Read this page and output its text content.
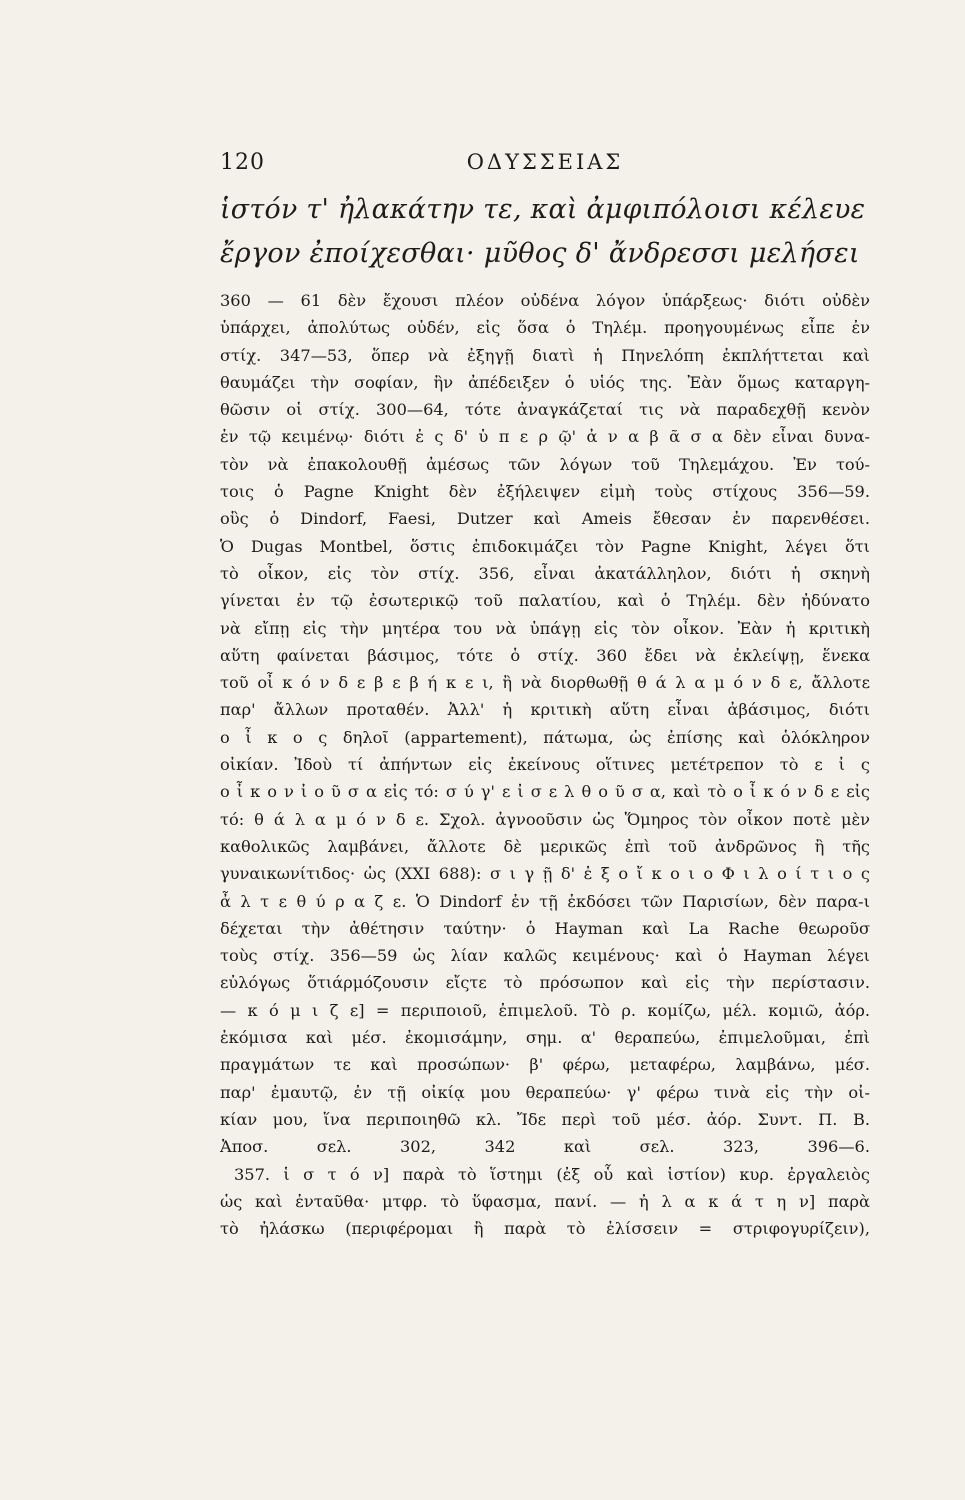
120	ΟΔΥΣΣΕΙΑΣ
ἱστόν τ' ἠλακάτην τε, καὶ ἀμφιπόλοισι κέλευε
ἔργον ἐποίχεσθαι· μῦθος δ' ἄνδρεσσι μελήσει
360 — 61 δὲν ἔχουσι πλέον οὐδένα λόγον ὑπάρξεως· διότι οὐδὲν
ὑπάρχει, ἀπολύτως οὐδέν, εἰς ὅσα ὁ Τηλέμ. προηγουμένως εἶπε ἐν
στίχ. 347—53, ὅπερ νὰ ἐξηγῇ διατὶ ἡ Πηνελόπη ἐκπλήττεται καὶ
θαυμάζει τὴν σοφίαν, ἣν ἀπέδειξεν ὁ υἱός της. Ἐὰν ὅμως καταργη-
θῶσιν οἱ στίχ. 300—64, τότε ἀναγκάζεταί τις νὰ παραδεχθῇ κενὸν
ἐν τῷ κειμένῳ· διότι ἐ ς δ' ὑ π ε ρ ῷ' ἀ ν α β ᾶ σ α δὲν εἶναι δυνα-
τὸν νὰ ἐπακολουθῇ ἀμέσως τῶν λόγων τοῦ Τηλεμάχου. Ἐν τού-
τοις ὁ Pagne Knight δὲν ἐξήλειψεν εἰμὴ τοὺς στίχους 356—59.
οὓς ὁ Dindorf, Faesi, Dutzer καὶ Ameis ἔθεσαν ἐν παρενθέσει.
Ὁ Dugas Montbel, ὅστις ἐπιδοκιμάζει τὸν Pagne Knight, λέγει ὅτι
τὸ οἶκον, εἰς τὸν στίχ. 356, εἶναι ἀκατάλληλον, διότι ἡ σκηνὴ
γίνεται ἐν τῷ ἐσωτερικῷ τοῦ παλατίου, καὶ ὁ Τηλέμ. δὲν ἠδύνατο
νὰ εἴπῃ εἰς τὴν μητέρα του νὰ ὑπάγῃ εἰς τὸν οἶκον. Ἐὰν ἡ κριτικὴ
αὕτη φαίνεται βάσιμος, τότε ὁ στίχ. 360 ἔδει νὰ ἐκλείψῃ, ἕνεκα
τοῦ οἶ κ ό ν δ ε β ε β ή κ ε ι, ἢ νὰ διορθωθῇ θ ά λ α μ ό ν δ ε, ἄλλοτε
παρ' ἄλλων προταθέν. Ἀλλ' ἡ κριτικὴ αὕτη εἶναι ἀβάσιμος, διότι
ο ἶ κ ο ς δηλοῖ (appartement), πάτωμα, ὡς ἐπίσης καὶ ὁλόκληρον
οἰκίαν. Ἰδοὺ τί ἀπήντων εἰς ἐκείνους οἵτινες μετέτρεπον τὸ ε ἰ ς
ο ἶ κ ο ν ἰ ο ῦ σ α εἰς τό: σ ύ γ' ε ἰ σ ε λ θ ο ῦ σ α, καὶ τὸ ο ἶ κ ό ν δ ε εἰς
τό: θ ά λ α μ ό ν δ ε. Σχολ. ἀγνοοῦσιν ὡς Ὅμηρος τὸν οἶκον ποτὲ μὲν
καθολικῶς λαμβάνει, ἄλλοτε δὲ μερικῶς ἐπὶ τοῦ ἀνδρῶνος ἢ τῆς
γυναικωνίτιδος· ὡς (XXI 688): σ ι γ ῇ δ' ἐ ξ ο ἴ κ ο ι ο Φ ι λ ο ί τ ι ο ς
ἆ λ τ ε θ ύ ρ α ζ ε. Ὁ Dindorf ἐν τῇ ἐκδόσει τῶν Παρισίων, δὲν παρα-ι
δέχεται τὴν ἀθέτησιν ταύτην· ὁ Hayman καὶ La Rache θεωροῦσ
τοὺς στίχ. 356—59 ὡς λίαν καλῶς κειμένους· καὶ ὁ Hayman λέγει
εὐλόγως ὅτιάρμόζουσιν εἴςτε τὸ πρόσωπον καὶ εἰς τὴν περίστασιν.
— κ ό μ ι ζ ε] = περιποιοῦ, ἐπιμελοῦ. Τὸ ρ. κομίζω, μέλ. κομιῶ, ἀόρ.
ἐκόμισα καὶ μέσ. ἐκομισάμην, σημ. α' θεραπεύω, ἐπιμελοῦμαι, ἐπὶ
πραγμάτων τε καὶ προσώπων· β' φέρω, μεταφέρω, λαμβάνω, μέσ.
παρ' ἐμαυτῷ, ἐν τῇ οἰκίᾳ μου θεραπεύω· γ' φέρω τινὰ εἰς τὴν οἰ-
κίαν μου, ἵνα περιποιηθῶ κλ. Ἴδε περὶ τοῦ μέσ. ἀόρ. Συντ. Π. Β.
Ἀποσ. σελ. 302, 342 καὶ σελ. 323, 396—6.
357. ἱ σ τ ό ν] παρὰ τὸ ἵστημι (ἐξ οὗ καὶ ἱστίον) κυρ. ἐργαλειὸς
ὡς καὶ ἐνταῦθα· μτφρ. τὸ ὕφασμα, πανί. — ἠ λ α κ ά τ η ν] παρὰ
τὸ ἠλάσκω (περιφέρομαι ἢ παρὰ τὸ ἑλίσσειν = στριφογυρίζειν),
